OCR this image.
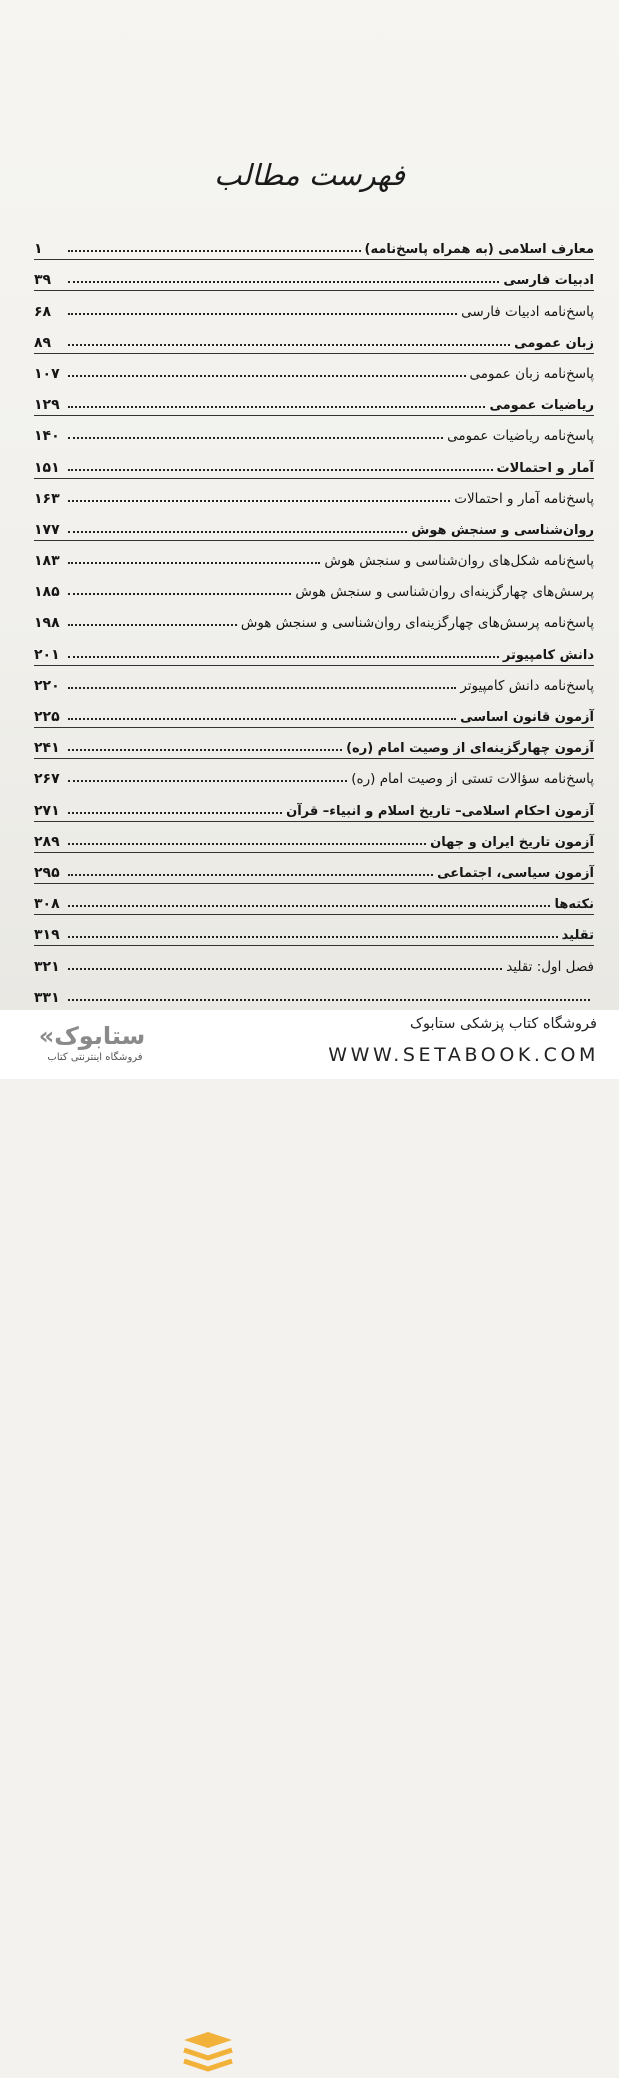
فهرست مطالب
معارف اسلامی (به همراه پاسخ‌نامه)
۱
ادبیات فارسی
۳۹
پاسخ‌نامه ادبیات فارسی
۶۸
زبان عمومی
۸۹
پاسخ‌نامه زبان عمومی
۱۰۷
ریاضیات عمومی
۱۲۹
پاسخ‌نامه ریاضیات عمومی
۱۴۰
آمار و احتمالات
۱۵۱
پاسخ‌نامه آمار و احتمالات
۱۶۳
روان‌شناسی و سنجش هوش
۱۷۷
پاسخ‌نامه شکل‌های روان‌شناسی و سنجش هوش
۱۸۳
پرسش‌های چهارگزینه‌ای روان‌شناسی و سنجش هوش
۱۸۵
پاسخ‌نامه پرسش‌های چهارگزینه‌ای روان‌شناسی و سنجش هوش
۱۹۸
دانش کامپیوتر
۲۰۱
پاسخ‌نامه دانش کامپیوتر
۲۲۰
آزمون قانون اساسی
۲۲۵
آزمون چهارگزینه‌ای از وصیت امام (ره)
۲۴۱
پاسخ‌نامه سؤالات تستی از وصیت امام (ره)
۲۶۷
آزمون احکام اسلامی– تاریخ اسلام و انبیاء– قرآن
۲۷۱
آزمون تاریخ ایران و جهان
۲۸۹
آزمون سیاسی، اجتماعی
۲۹۵
نکته‌ها
۳۰۸
تقلید
۳۱۹
فصل اول: تقلید
۳۲۱
۳۳۱
ستابوک»
فروشگاه اینترنتی کتاب
فروشگاه کتاب پزشکی ستابوک
WWW.SETABOOK.COM
